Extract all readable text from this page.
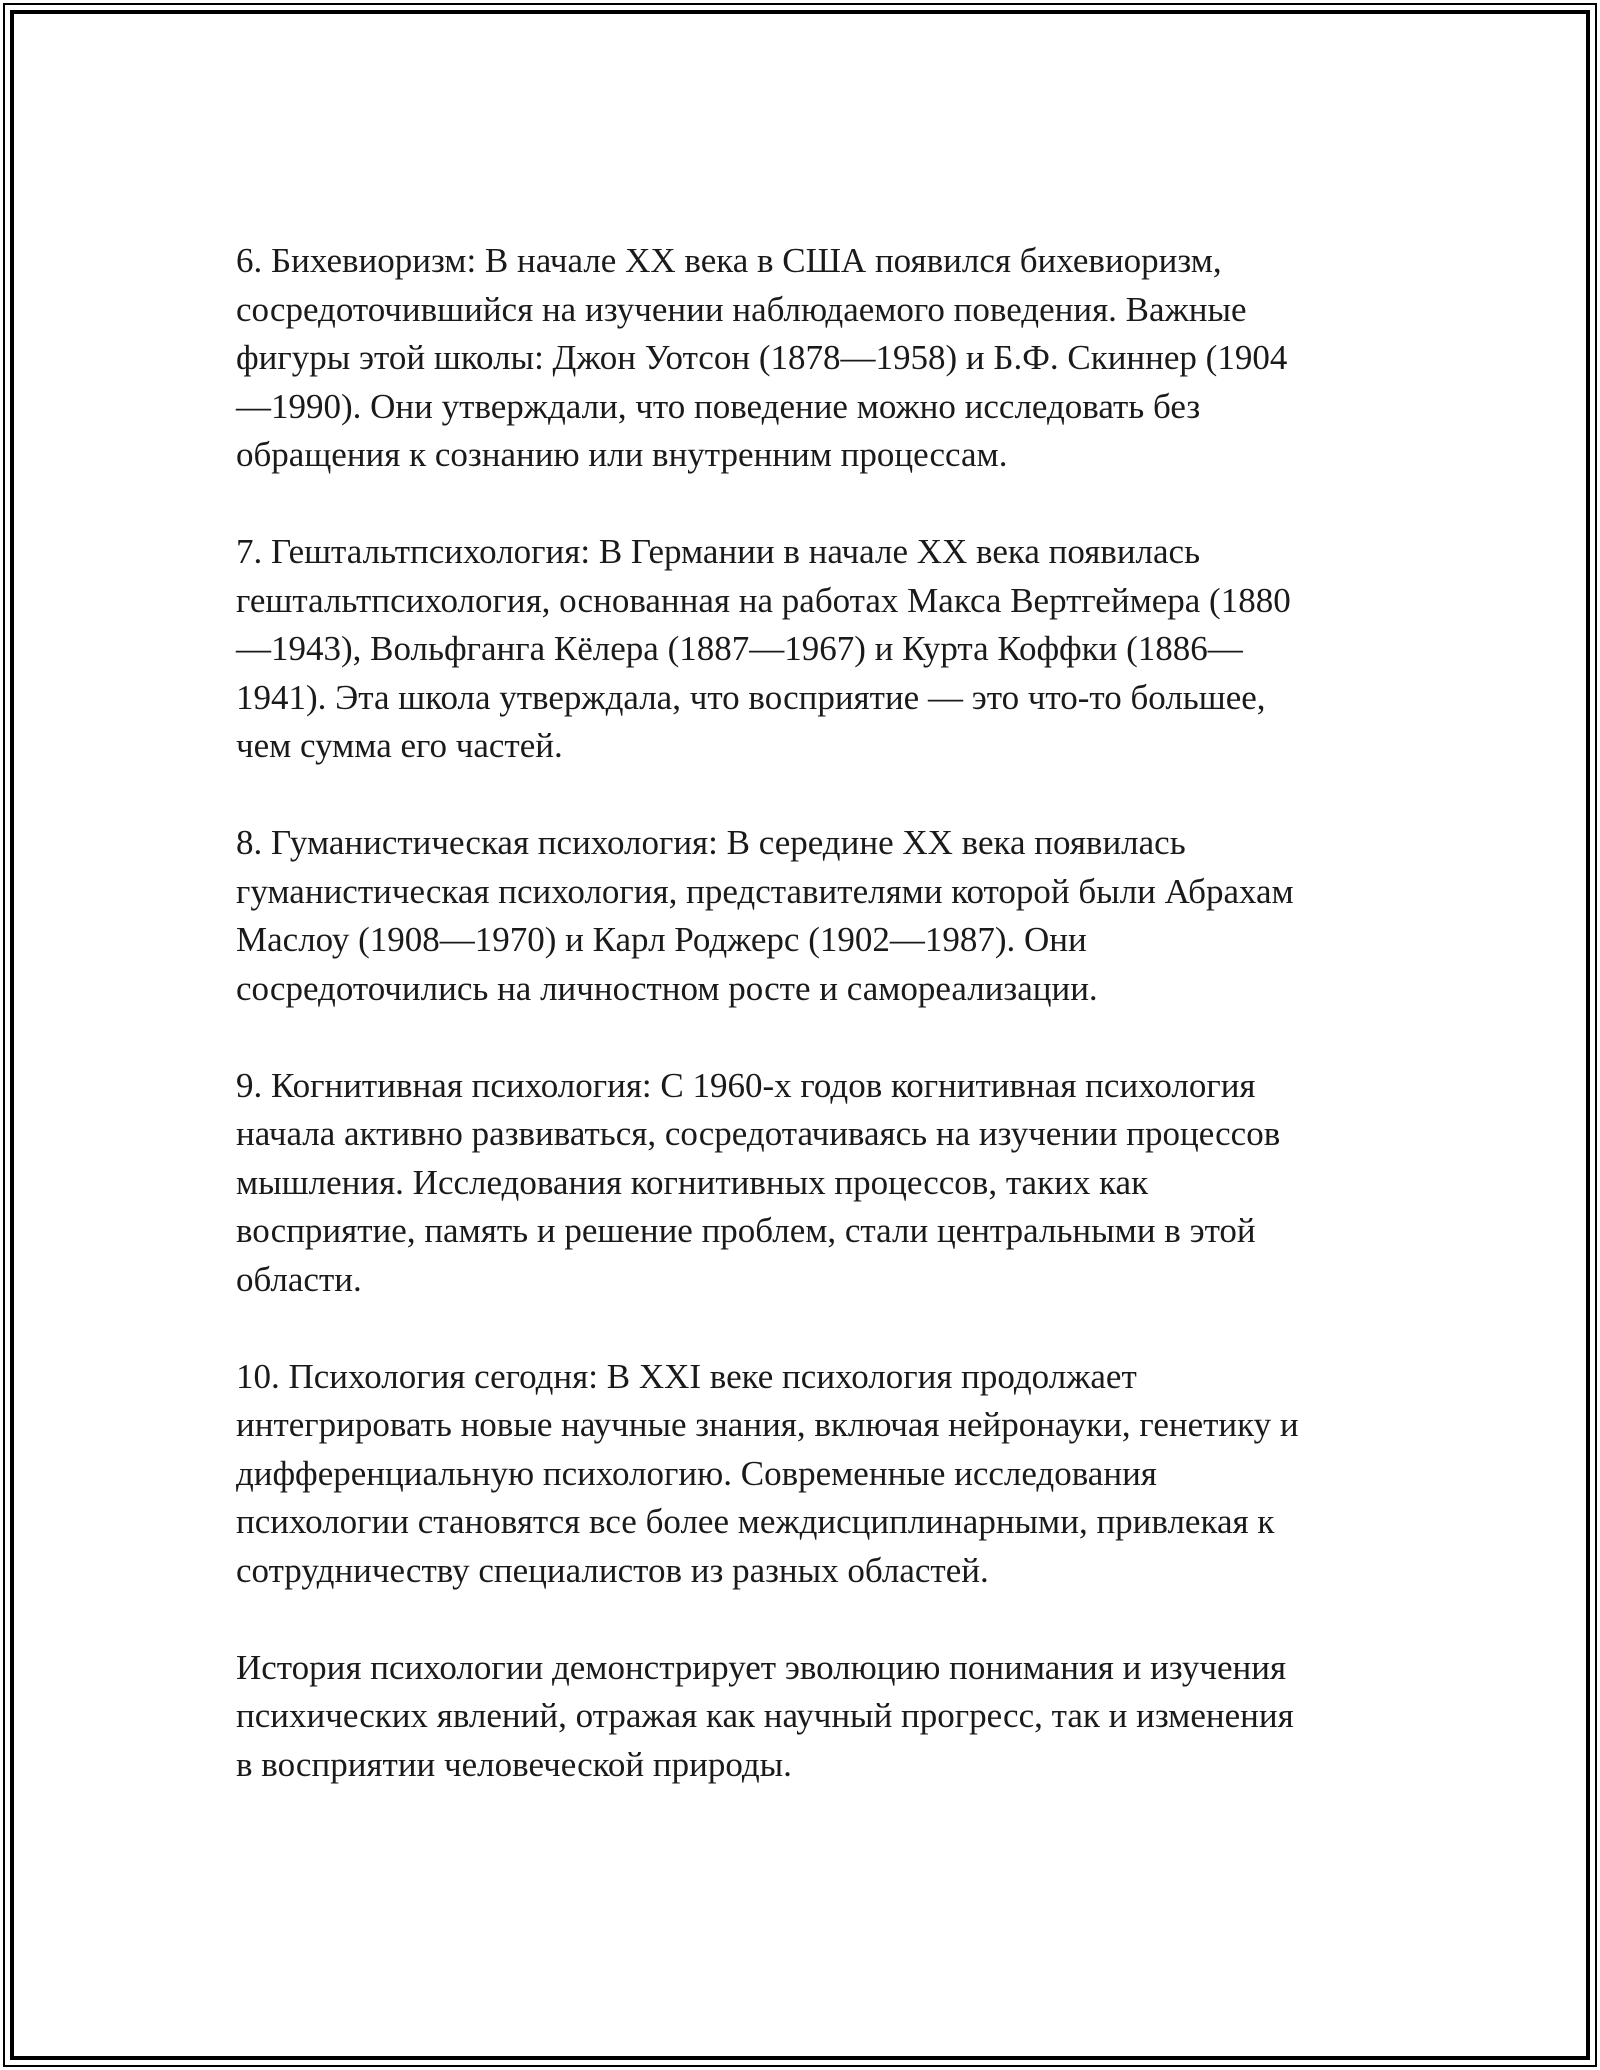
6. Бихевиоризм: В начале XX века в США появился бихевиоризм,
сосредоточившийся на изучении наблюдаемого поведения. Важные
фигуры этой школы: Джон Уотсон (1878—1958) и Б.Ф. Скиннер (1904
—1990). Они утверждали, что поведение можно исследовать без
обращения к сознанию или внутренним процессам.

7. Гештальтпсихология: В Германии в начале XX века появилась
гештальтпсихология, основанная на работах Макса Вертгеймера (1880
—1943), Вольфганга Кёлера (1887—1967) и Курта Коффки (1886—
1941). Эта школа утверждала, что восприятие — это что-то большее,
чем сумма его частей.

8. Гуманистическая психология: В середине XX века появилась
гуманистическая психология, представителями которой были Абрахам
Маслоу (1908—1970) и Карл Роджерс (1902—1987). Они
сосредоточились на личностном росте и самореализации.

9. Когнитивная психология: С 1960-х годов когнитивная психология
начала активно развиваться, сосредотачиваясь на изучении процессов
мышления. Исследования когнитивных процессов, таких как
восприятие, память и решение проблем, стали центральными в этой
области.

10. Психология сегодня: В XXI веке психология продолжает
интегрировать новые научные знания, включая нейронауки, генетику и
дифференциальную психологию. Современные исследования
психологии становятся все более междисциплинарными, привлекая к
сотрудничеству специалистов из разных областей.

История психологии демонстрирует эволюцию понимания и изучения
психических явлений, отражая как научный прогресс, так и изменения
в восприятии человеческой природы.
